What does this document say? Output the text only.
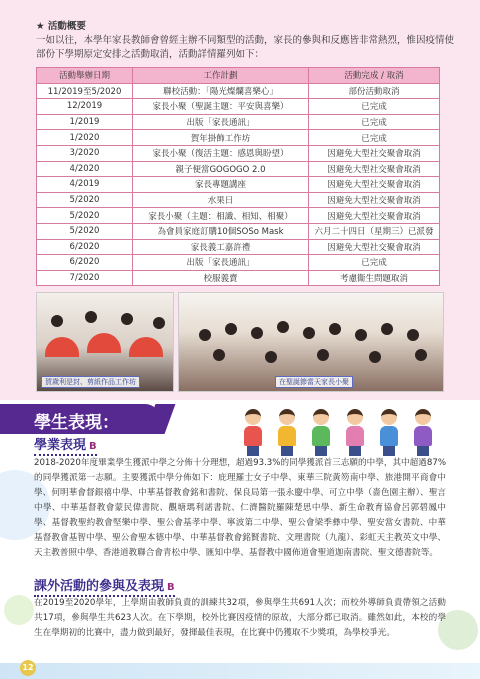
★ 活動概要
一如以往，本學年家長教師會曾經主辦不同類型的活動，家長的參與和反應皆非常熱烈，惟因疫情使部份下學期原定安排之活動取消，活動詳情羅列如下：
活動舉辦日期	工作計劃	活動完成 / 取消
11/2019至5/2020	聯校活動：「陽光燦爛喜樂心」	部份活動取消
12/2019	家長小聚（聖誕主題：平安與喜樂）	已完成
1/2019	出版「家長通訊」	已完成
1/2020	賀年掛飾工作坊	已完成
3/2020	家長小聚（復活主題：感恩與盼望）	因避免大型社交聚會取消
4/2020	親子便當GOGOGO 2.0	因避免大型社交聚會取消
4/2019	家長專題講座	因避免大型社交聚會取消
5/2020	水果日	因避免大型社交聚會取消
5/2020	家長小聚（主題：相識、相知、相聚）	因避免大型社交聚會取消
5/2020	為會員家庭訂購10個SOSo Mask	六月二十四日（星期三）已派發
6/2020	家長義工嘉許禮	因避免大型社交聚會取消
6/2020	出版「家長通訊」	已完成
7/2020	校服義賣	考慮衞生問題取消
賀歲利是封、剪紙作品工作坊	在聖誕節當天家長小聚
學生表現：
學業表現 B
2018-2020年度畢業學生獲派中學之分佈十分理想，超過93.3%的同學獲派首三志願的中學，其中超過87%的同學獲派第一志願。主要獲派中學分佈如下：庇理羅士女子中學、東華三院黃笏南中學、旅港開平商會中學、何明華會督銀禧中學、中華基督教會銘和書院、保良局第一張永慶中學、可立中學（嗇色園主辦）、聖言中學、中華基督教會蒙民偉書院、觀塘瑪利諾書院、仁濟醫院羅陳楚思中學、新生命教育協會呂郭碧鳳中學、基督教聖約教會堅樂中學、聖公會基孝中學、寧波第二中學、聖公會梁季彝中學、聖安當女書院、中華基督教會基智中學、聖公會聖本德中學、中華基督教會銘賢書院、文理書院（九龍）、彩虹天主教英文中學、天主教普照中學、香港道教聯合會青松中學、匯知中學、基督教中國佈道會聖道迦南書院、聖文德書院等。
課外活動的參與及表現 B
在2019至2020學年，上學期由教師負責的訓練共32項，參與學生共691人次；而校外導師負責帶領之活動共17項，參與學生共623人次。在下學期，校外比賽因疫情的原故，大部分都已取消。雖然如此，本校的學生在學期初的比賽中，盡力做到最好，發揮最佳表現，在比賽中仍獲取不少獎項，為學校爭光。
12
